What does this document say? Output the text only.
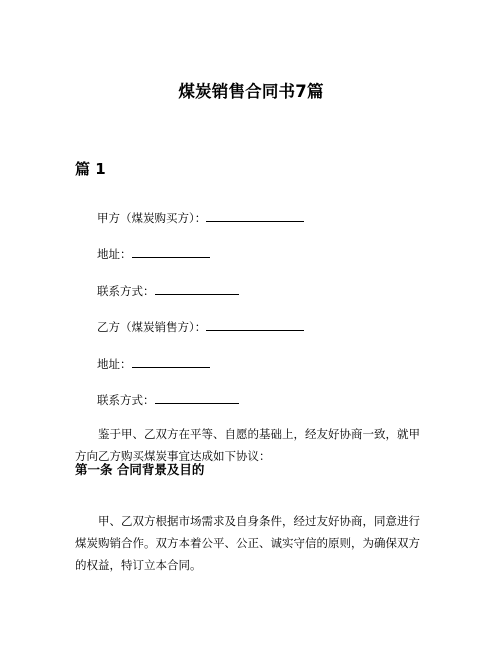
煤炭销售合同书7篇
篇 1

甲方（煤炭购买方）：

地址：

联系方式：

乙方（煤炭销售方）：

地址：

联系方式：

鉴于甲、乙双方在平等、自愿的基础上，经友好协商一致，就甲
方向乙方购买煤炭事宜达成如下协议：
第一条 合同背景及目的
甲、乙双方根据市场需求及自身条件，经过友好协商，同意进行
煤炭购销合作。双方本着公平、公正、诚实守信的原则，为确保双方
的权益，特订立本合同。
